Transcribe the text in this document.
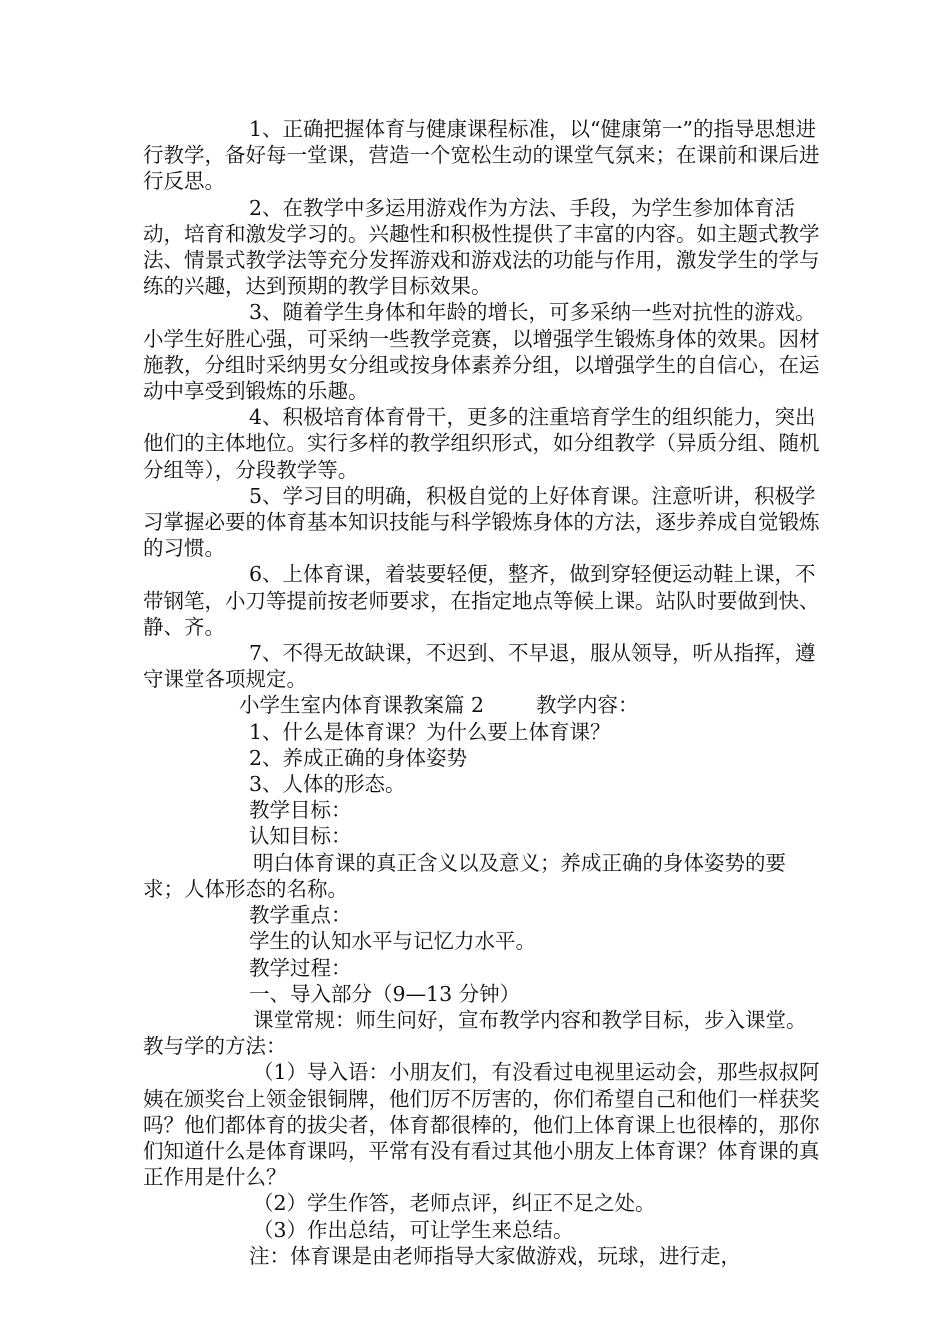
1、正确把握体育与健康课程标准，以“健康第一”的指导思想进行教学，备好每一堂课，营造一个宽松生动的课堂气氛来；在课前和课后进行反思。

2、在教学中多运用游戏作为方法、手段，为学生参加体育活动，培育和激发学习的。兴趣性和积极性提供了丰富的内容。如主题式教学法、情景式教学法等充分发挥游戏和游戏法的功能与作用，激发学生的学与练的兴趣，达到预期的教学目标效果。

3、随着学生身体和年龄的增长，可多采纳一些对抗性的游戏。小学生好胜心强，可采纳一些教学竞赛，以增强学生锻炼身体的效果。因材施教，分组时采纳男女分组或按身体素养分组，以增强学生的自信心，在运动中享受到锻炼的乐趣。

4、积极培育体育骨干，更多的注重培育学生的组织能力，突出他们的主体地位。实行多样的教学组织形式，如分组教学（异质分组、随机分组等），分段教学等。

5、学习目的明确，积极自觉的上好体育课。注意听讲，积极学习掌握必要的体育基本知识技能与科学锻炼身体的方法，逐步养成自觉锻炼的习惯。

6、上体育课，着装要轻便，整齐，做到穿轻便运动鞋上课，不带钢笔，小刀等提前按老师要求，在指定地点等候上课。站队时要做到快、静、齐。

7、不得无故缺课，不迟到、不早退，服从领导，听从指挥，遵守课堂各项规定。

小学生室内体育课教案篇 2	教学内容：

1、什么是体育课？为什么要上体育课？

2、养成正确的身体姿势

3、人体的形态。

教学目标：

认知目标：

明白体育课的真正含义以及意义；养成正确的身体姿势的要求；人体形态的名称。

教学重点：

学生的认知水平与记忆力水平。

教学过程：

一、导入部分（9—13 分钟）

课堂常规：师生问好，宣布教学内容和教学目标，步入课堂。教与学的方法：

（1）导入语：小朋友们，有没看过电视里运动会，那些叔叔阿姨在颁奖台上领金银铜牌，他们厉不厉害的，你们希望自己和他们一样获奖吗？他们都体育的拔尖者，体育都很棒的，他们上体育课上也很棒的，那你们知道什么是体育课吗，平常有没有看过其他小朋友上体育课？体育课的真正作用是什么？

（2）学生作答，老师点评，纠正不足之处。

（3）作出总结，可让学生来总结。

注：体育课是由老师指导大家做游戏，玩球，进行走，
